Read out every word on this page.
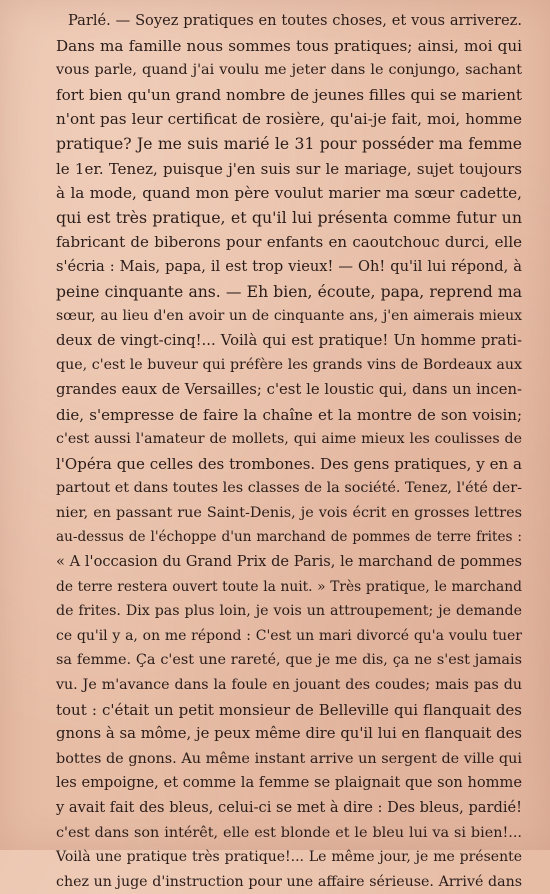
Parlé. — Soyez pratiques en toutes choses, et vous arriverez.
Dans ma famille nous sommes tous pratiques; ainsi, moi qui
vous parle, quand j'ai voulu me jeter dans le conjungo, sachant
fort bien qu'un grand nombre de jeunes filles qui se marient
n'ont pas leur certificat de rosière, qu'ai-je fait, moi, homme
pratique? Je me suis marié le 31 pour posséder ma femme
le 1er. Tenez, puisque j'en suis sur le mariage, sujet toujours
à la mode, quand mon père voulut marier ma sœur cadette,
qui est très pratique, et qu'il lui présenta comme futur un
fabricant de biberons pour enfants en caoutchouc durci, elle
s'écria : Mais, papa, il est trop vieux! — Oh! qu'il lui répond, à
peine cinquante ans. — Eh bien, écoute, papa, reprend ma
sœur, au lieu d'en avoir un de cinquante ans, j'en aimerais mieux
deux de vingt-cinq!... Voilà qui est pratique! Un homme prati-
que, c'est le buveur qui préfère les grands vins de Bordeaux aux
grandes eaux de Versailles; c'est le loustic qui, dans un incen-
die, s'empresse de faire la chaîne et la montre de son voisin;
c'est aussi l'amateur de mollets, qui aime mieux les coulisses de
l'Opéra que celles des trombones. Des gens pratiques, y en a
partout et dans toutes les classes de la société. Tenez, l'été der-
nier, en passant rue Saint-Denis, je vois écrit en grosses lettres
au-dessus de l'échoppe d'un marchand de pommes de terre frites :
« A l'occasion du Grand Prix de Paris, le marchand de pommes
de terre restera ouvert toute la nuit. » Très pratique, le marchand
de frites. Dix pas plus loin, je vois un attroupement; je demande
ce qu'il y a, on me répond : C'est un mari divorcé qu'a voulu tuer
sa femme. Ça c'est une rareté, que je me dis, ça ne s'est jamais
vu. Je m'avance dans la foule en jouant des coudes; mais pas du
tout : c'était un petit monsieur de Belleville qui flanquait des
gnons à sa môme, je peux même dire qu'il lui en flanquait des
bottes de gnons. Au même instant arrive un sergent de ville qui
les empoigne, et comme la femme se plaignait que son homme
y avait fait des bleus, celui-ci se met à dire : Des bleus, pardié!
c'est dans son intérêt, elle est blonde et le bleu lui va si bien!...
Voilà une pratique très pratique!... Le même jour, je me présente
chez un juge d'instruction pour une affaire sérieuse. Arrivé dans
